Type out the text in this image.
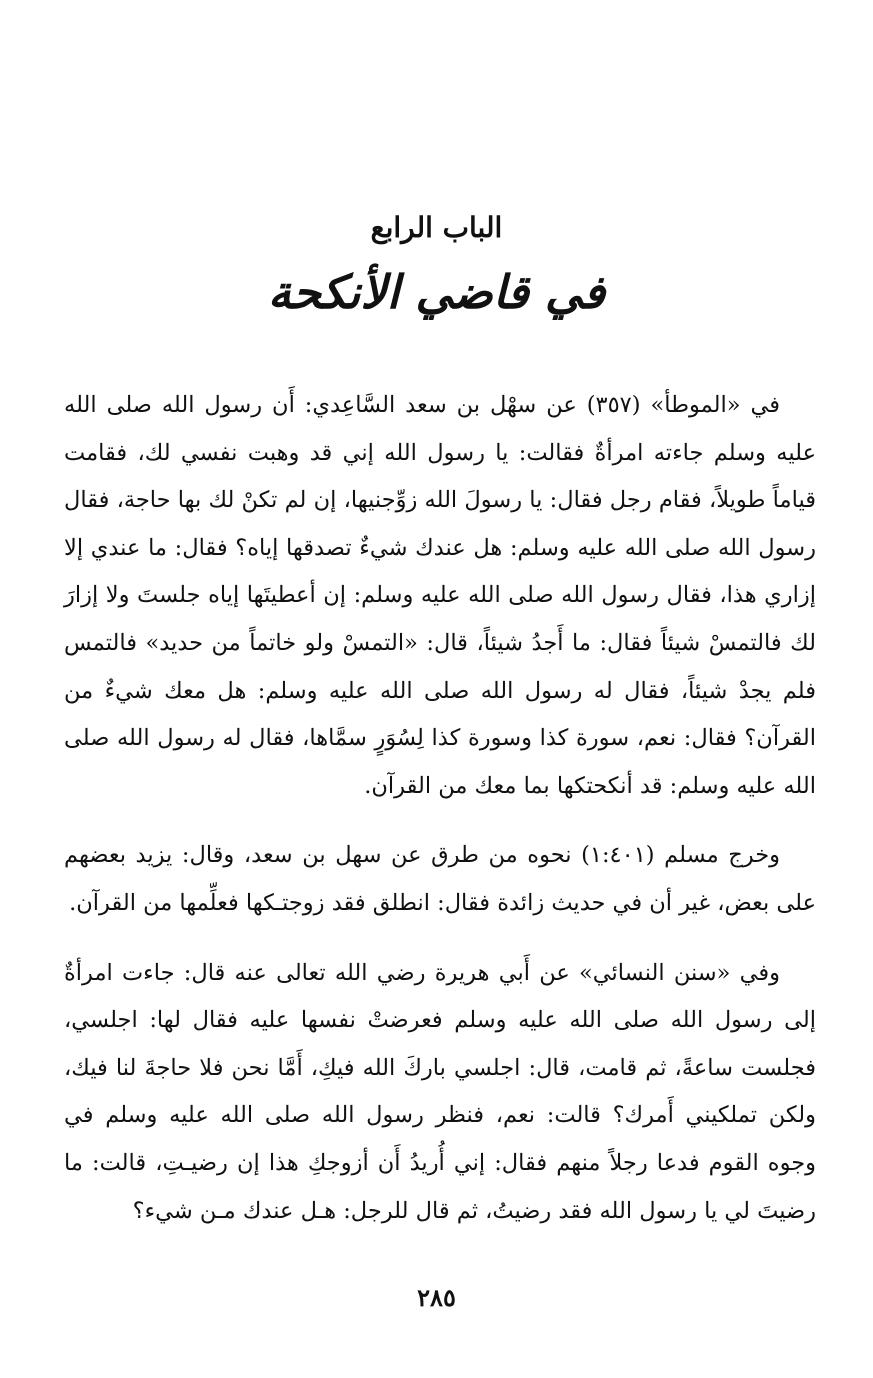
الباب الرابع
في قاضي الأنكحة

في «الموطأ» (٣٥٧) عن سهْل بن سعد السَّاعِدي: أَن رسول الله صلى الله عليه وسلم جاءته امرأةٌ فقالت: يا رسول الله إني قد وهبت نفسي لك، فقامت قياماً طويلاً، فقام رجل فقال: يا رسولَ الله زوِّجنيها، إن لم تكنْ لك بها حاجة، فقال رسول الله صلى الله عليه وسلم: هل عندك شيءٌ تصدقها إياه؟ فقال: ما عندي إلا إزاري هذا، فقال رسول الله صلى الله عليه وسلم: إن أعطيتَها إياه جلستَ ولا إزارَ لك فالتمسْ شيئاً فقال: ما أَجدُ شيئاً، قال: «التمسْ ولو خاتماً من حديد» فالتمس فلم يجدْ شيئاً، فقال له رسول الله صلى الله عليه وسلم: هل معك شيءٌ من القرآن؟ فقال: نعم، سورة كذا وسورة كذا لِسُوَرٍ سمَّاها، فقال له رسول الله صلى الله عليه وسلم: قد أنكحتكها بما معك من القرآن.

وخرج مسلم (١:٤٠١) نحوه من طرق عن سهل بن سعد، وقال: يزيد بعضهم على بعض، غير أن في حديث زائدة فقال: انطلق فقد زوجتـكها فعلِّمها من القرآن.

وفي «سنن النسائي» عن أَبي هريرة رضي الله تعالى عنه قال: جاءت امرأةٌ إلى رسول الله صلى الله عليه وسلم فعرضتْ نفسها عليه فقال لها: اجلسي، فجلست ساعةً، ثم قامت، قال: اجلسي باركَ الله فيكِ، أَمَّا نحن فلا حاجةَ لنا فيك، ولكن تملكيني أَمرك؟ قالت: نعم، فنظر رسول الله صلى الله عليه وسلم في وجوه القوم فدعا رجلاً منهم فقال: إني أُريدُ أَن أزوجكِ هذا إن رضيـتِ، قالت: ما رضيتَ لي يا رسول الله فقد رضيتُ، ثم قال للرجل: هـل عندك مـن شيء؟

٢٨٥
